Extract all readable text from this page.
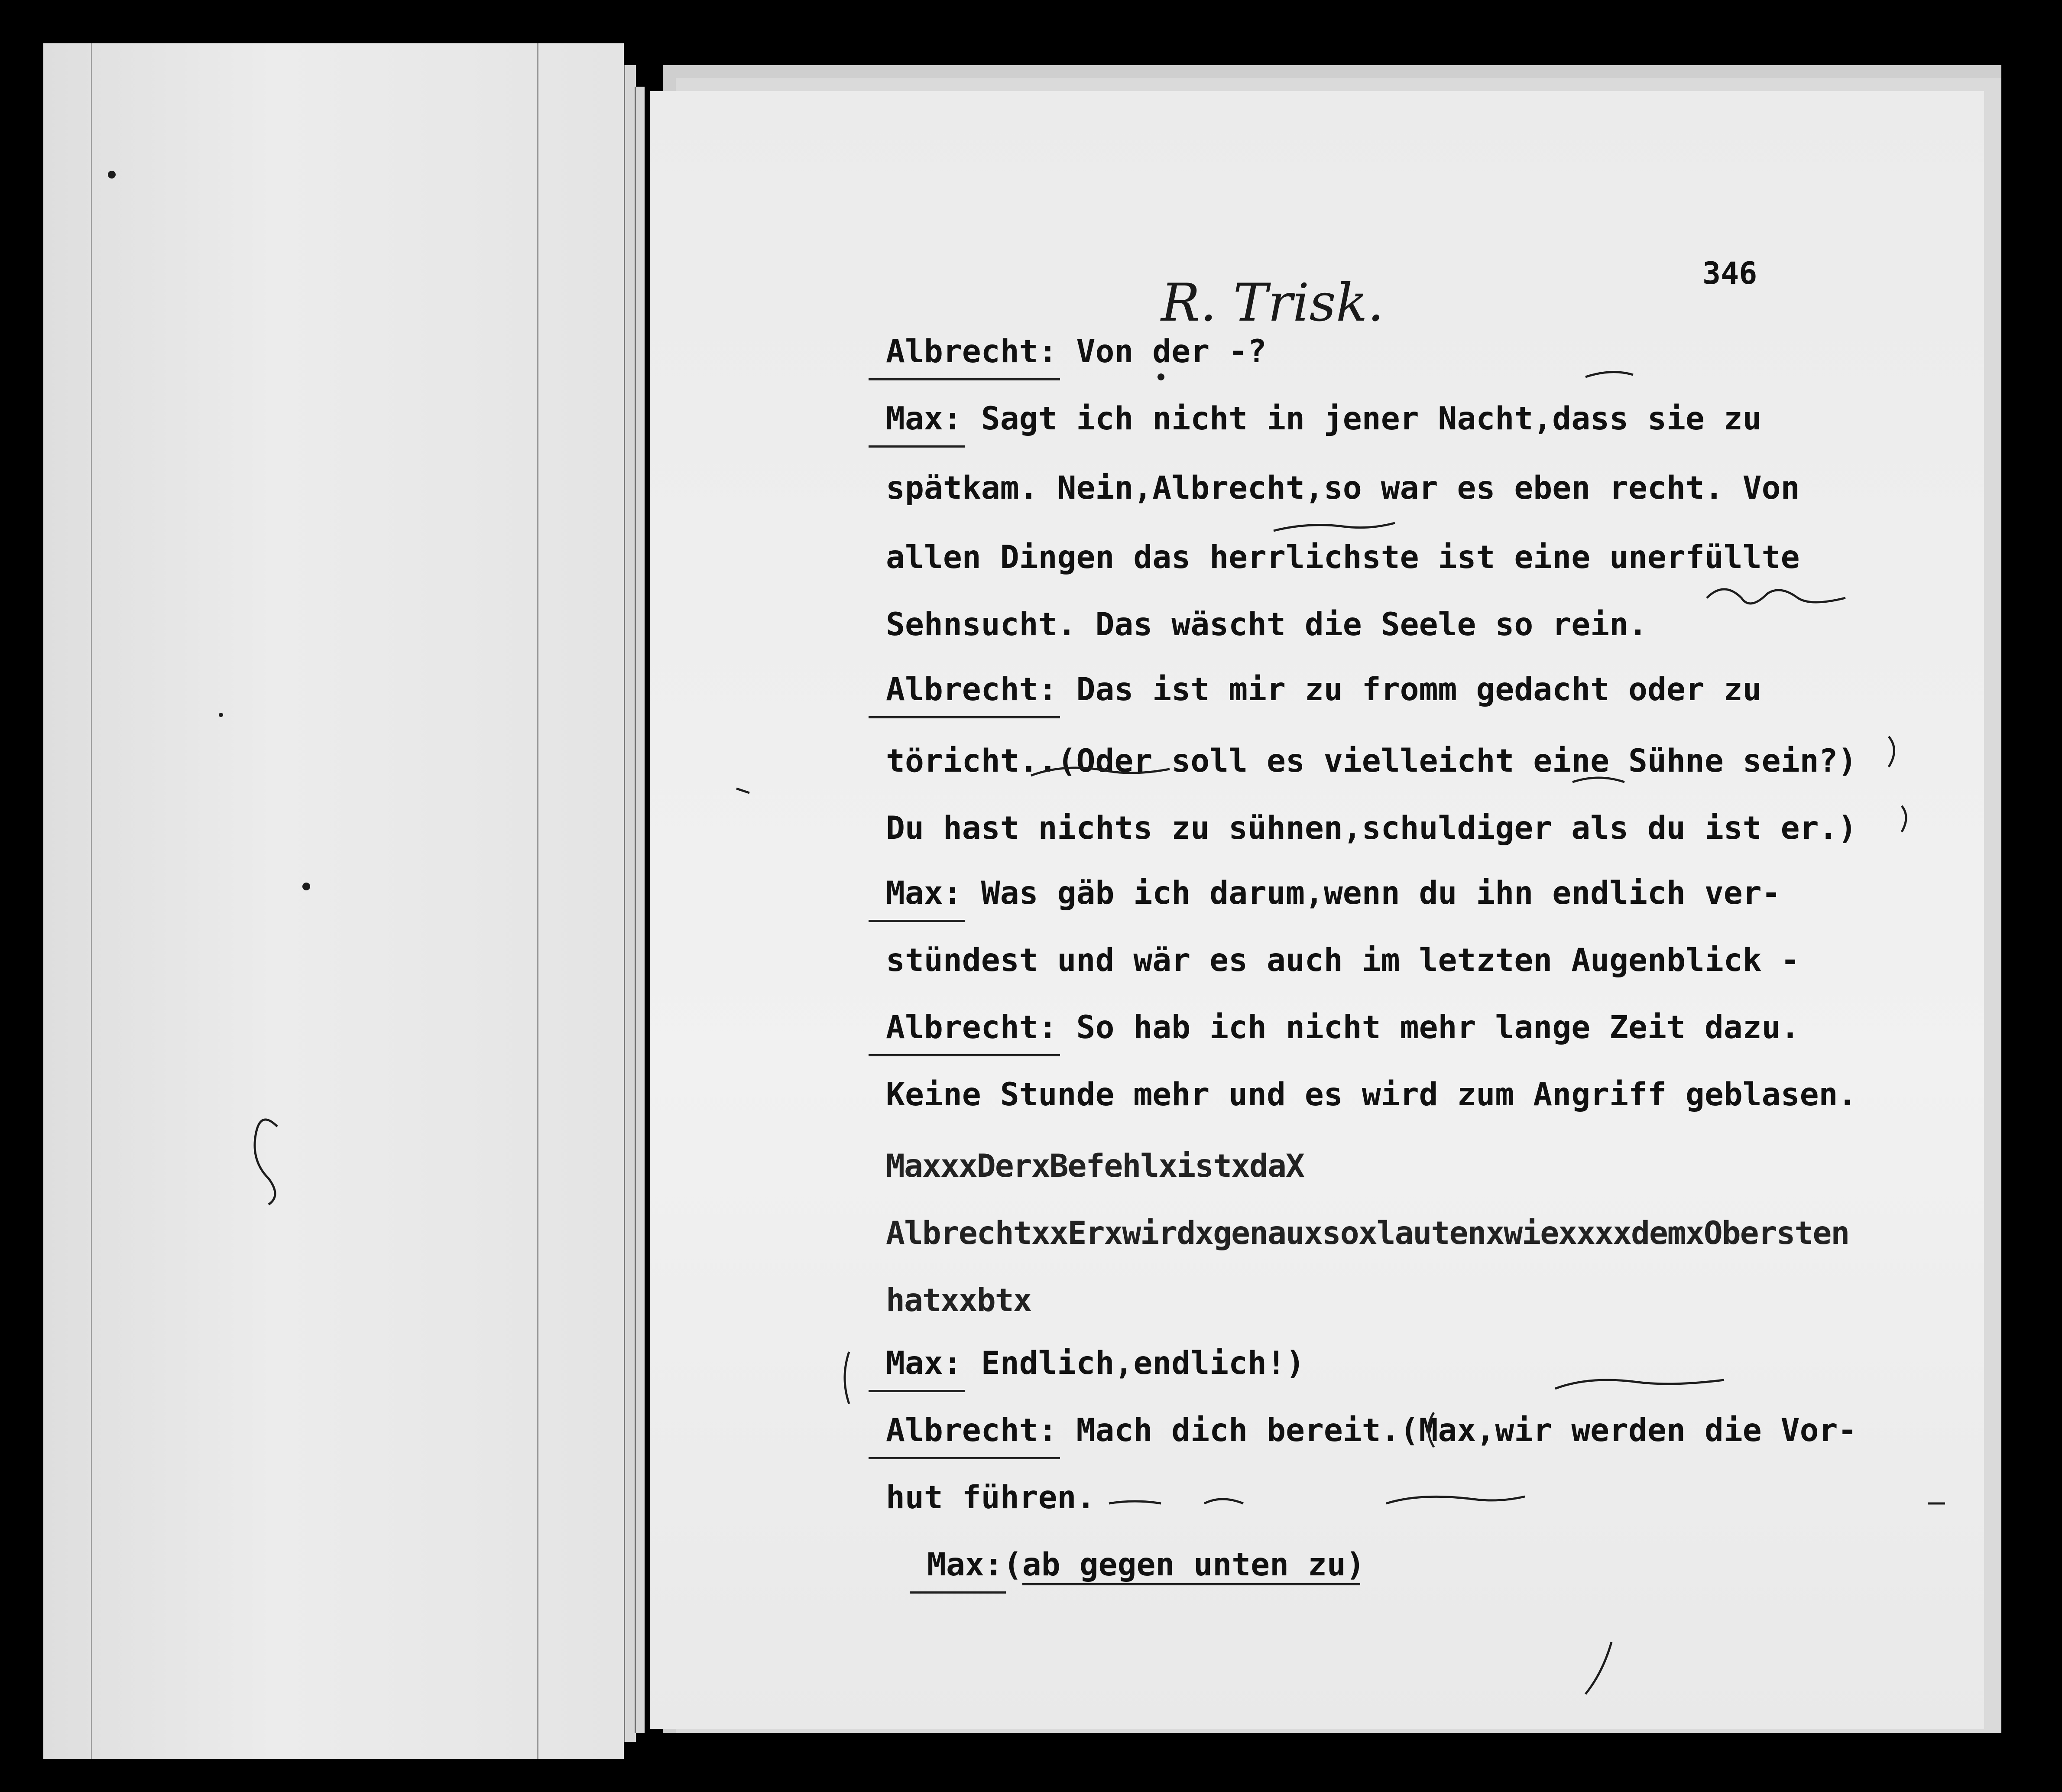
346
R. Trisk.
Albrecht: Von der -?
Max: Sagt ich nicht in jener Nacht,dass sie zu
spätkam. Nein,Albrecht,so war es eben recht. Von
allen Dingen das herrlichste ist eine unerfüllte
Sehnsucht. Das wäscht die Seele so rein.
Albrecht: Das ist mir zu fromm gedacht oder zu
töricht..(Oder soll es vielleicht eine Sühne sein?)
Du hast nichts zu sühnen,schuldiger als du ist er.)
Max: Was gäb ich darum,wenn du ihn endlich ver-
stündest und wär es auch im letzten Augenblick -
Albrecht: So hab ich nicht mehr lange Zeit dazu.
Keine Stunde mehr und es wird zum Angriff geblasen.
MaxxxDerxBefehlxistxdaX
AlbrechtxxErxwirdxgenauxsoxlautenxwiexxxxdemxObersten
hatxxbtx
Max: Endlich,endlich!)
Albrecht: Mach dich bereit.(Max,wir werden die Vor-
hut führen.
Max:(ab gegen unten zu)
